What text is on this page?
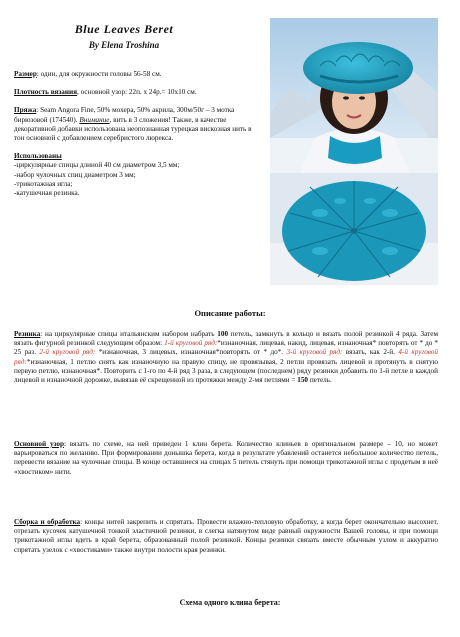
Blue Leaves Beret
By Elena Troshina

Размер: один, для окружности головы 56-58 см.

Плотность вязания, основной узор: 22п. х 24р.= 10х10 см.

Пряжа: Seam Angora Fine, 50% мохера, 50% акрила, 300м/50г – 3 мотка бирюзовой (174540). Внимание, вить в 3 сложения! Также, в качестве декоративной добавки использована неопознанная турецкая вискозная нить в тон основной с добавлением серебристого люрекса.

Использованы
-циркулярные спицы длиной 40 см диаметром 3,5 мм;
-набор чулочных спиц диаметром 3 мм;
-трикотажная игла;
-катушечная резинка.

Описание работы:
Резинка: на циркулярные спицы итальянским набором набрать 100 петель, замкнуть в кольцо и вязать полой резинкой 4 ряда. Затем вязать фигурной резинкой следующим образом: 1-й круговой ряд:*изнаночная, лицевая, накид, лицевая, изнаночная* повторять от * до * 25 раз. 2-й круговой ряд: *изнаночная, 3 лицевых, изнаночная*повторять от * до*. 3-й круговой ряд: вязать, как 2-й. 4-й круговой ряд:*изнаночная, 1 петлю снять как изнаночную на правую спицу, не провязывая, 2 петли провязать лицевой и протянуть в снятую первую петлю, изнаночная*. Повторить с 1-го по 4-й ряд 3 раза, в следующем (последнем) ряду резинки добавить по 1-й петле в каждой лицевой и изнаночной дорожке, вывязав её скрещенной из протяжки между 2-мя петлями = 150 петель.
Основной узор: вязать по схеме, на ней приведен 1 клин берета. Количество клиньев в оригинальном размере – 10, но может варьироваться по желанию. При формировании донышка берета, когда в результате убавлений останется небольшое количество петель, перевести вязание на чулочные спицы. В конце оставшиеся на спицах 5 петель стянуть при помощи трикотажной иглы с продетым в неё «хвостиком» нити.
Сборка и обработка: концы нитей закрепить и спрятать. Провести влажно-тепловую обработку, а когда берет окончательно высохнет, отрезать кусочек катушечной тонкой эластичной резинки, в слегка натянутом виде равный окружности Вашей головы, и при помощи трикотажной иглы вдеть в край берета, образованный полой резинкой. Концы резинки связать вместе обычным узлом и аккуратно спрятать узелок с «хвостиками» также внутри полости края резинки.
Схема одного клина берета:
